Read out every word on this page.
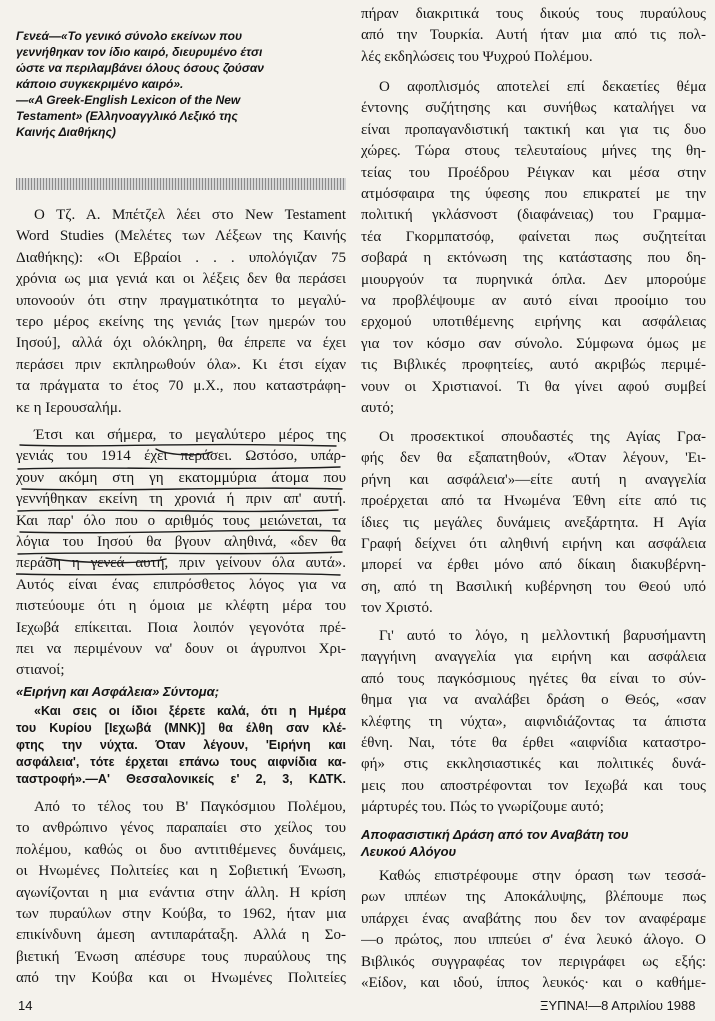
Γενεά—«Το γενικό σύνολο εκείνων που
γεννήθηκαν τον ίδιο καιρό, διευρυμένο έτσι
ώστε να περιλαμβάνει όλους όσους ζούσαν
κάποιο συγκεκριμένο καιρό».
—«A Greek-English Lexicon of the New
Testament» (Ελληνοαγγλικό Λεξικό της
Καινής Διαθήκης)
Ο Τζ. Α. Μπέτζελ λέει στο New Testament
Word Studies (Μελέτες των Λέξεων της Καινής
Διαθήκης): «Οι Εβραίοι . . . υπολόγιζαν 75
χρόνια ως μια γενιά και οι λέξεις δεν θα περάσει
υπονοούν ότι στην πραγματικότητα το μεγαλύ-
τερο μέρος εκείνης της γενιάς [των ημερών του
Ιησού], αλλά όχι ολόκληρη, θα έπρεπε να έχει
περάσει πριν εκπληρωθούν όλα». Κι έτσι είχαν
τα πράγματα το έτος 70 μ.Χ., που καταστράφη-
κε η Ιερουσαλήμ.
Έτσι και σήμερα, το μεγαλύτερο μέρος της
γενιάς του 1914 έχει περάσει. Ωστόσο, υπάρ-
χουν ακόμη στη γη εκατομμύρια άτομα που
γεννήθηκαν εκείνη τη χρονιά ή πριν απ' αυτή.
Και παρ' όλο που ο αριθμός τους μειώνεται, τα
λόγια του Ιησού θα βγουν αληθινά, «δεν θα
περάση η γενεά αυτή, πριν γείνουν όλα αυτά».
Αυτός είναι ένας επιπρόσθετος λόγος για να
πιστεύουμε ότι η όμοια με κλέφτη μέρα του
Ιεχωβά επίκειται. Ποια λοιπόν γεγονότα πρέ-
πει να περιμένουν να' δουν οι άγρυπνοι Χρι-
στιανοί;
«Ειρήνη και Ασφάλεια» Σύντομα;
«Και σεις οι ίδιοι ξέρετε καλά, ότι η Ημέρα
του Κυρίου [Ιεχωβά (ΜΝΚ)] θα έλθη σαν κλέ-
φτης την νύχτα. Όταν λέγουν, 'Ειρήνη και
ασφάλεια', τότε έρχεται επάνω τους αιφνίδια κα-
ταστροφή».—Α' Θεσσαλονικείς ε' 2, 3, ΚΔΤΚ.
Από το τέλος του Β' Παγκόσμιου Πολέμου,
το ανθρώπινο γένος παραπαίει στο χείλος του
πολέμου, καθώς οι δυο αντιτιθέμενες δυνάμεις,
οι Ηνωμένες Πολιτείες και η Σοβιετική Ένωση,
αγωνίζονται η μια ενάντια στην άλλη. Η κρίση
των πυραύλων στην Κούβα, το 1962, ήταν μια
επικίνδυνη άμεση αντιπαράταξη. Αλλά η Σο-
βιετική Ένωση απέσυρε τους πυραύλους της
από την Κούβα και οι Ηνωμένες Πολιτείες
πήραν διακριτικά τους δικούς τους πυραύλους
από την Τουρκία. Αυτή ήταν μια από τις πολ-
λές εκδηλώσεις του Ψυχρού Πολέμου.
Ο αφοπλισμός αποτελεί επί δεκαετίες θέμα
έντονης συζήτησης και συνήθως καταλήγει να
είναι προπαγανδιστική τακτική και για τις δυο
χώρες. Τώρα στους τελευταίους μήνες της θη-
τείας του Προέδρου Ρέιγκαν και μέσα στην
ατμόσφαιρα της ύφεσης που επικρατεί με την
πολιτική γκλάσνοστ (διαφάνειας) του Γραμμα-
τέα Γκορμπατσόφ, φαίνεται πως συζητείται
σοβαρά η εκτόνωση της κατάστασης που δη-
μιουργούν τα πυρηνικά όπλα. Δεν μπορούμε
να προβλέψουμε αν αυτό είναι προοίμιο του
ερχομού υποτιθέμενης ειρήνης και ασφάλειας
για τον κόσμο σαν σύνολο. Σύμφωνα όμως με
τις Βιβλικές προφητείες, αυτό ακριβώς περιμέ-
νουν οι Χριστιανοί. Τι θα γίνει αφού συμβεί
αυτό;
Οι προσεκτικοί σπουδαστές της Αγίας Γρα-
φής δεν θα εξαπατηθούν, «Όταν λέγουν, 'Ει-
ρήνη και ασφάλεια'»—είτε αυτή η αναγγελία
προέρχεται από τα Ηνωμένα Έθνη είτε από τις
ίδιες τις μεγάλες δυνάμεις ανεξάρτητα. Η Αγία
Γραφή δείχνει ότι αληθινή ειρήνη και ασφάλεια
μπορεί να έρθει μόνο από δίκαιη διακυβέρνη-
ση, από τη Βασιλική κυβέρνηση του Θεού υπό
τον Χριστό.
Γι' αυτό το λόγο, η μελλοντική βαρυσήμαντη
παγγήινη αναγγελία για ειρήνη και ασφάλεια
από τους παγκόσμιους ηγέτες θα είναι το σύν-
θημα για να αναλάβει δράση ο Θεός, «σαν
κλέφτης τη νύχτα», αιφνιδιάζοντας τα άπιστα
έθνη. Ναι, τότε θα έρθει «αιφνίδια καταστρο-
φή» στις εκκλησιαστικές και πολιτικές δυνά-
μεις που αποστρέφονται τον Ιεχωβά και τους
μάρτυρές του. Πώς το γνωρίζουμε αυτό;
Αποφασιστική Δράση από τον Αναβάτη του
Λευκού Αλόγου
Καθώς επιστρέφουμε στην όραση των τεσσά-
ρων ιππέων της Αποκάλυψης, βλέπουμε πως
υπάρχει ένας αναβάτης που δεν τον αναφέραμε
—ο πρώτος, που ιππεύει σ' ένα λευκό άλογο. Ο
Βιβλικός συγγραφέας τον περιγράφει ως εξής:
«Είδον, και ιδού, ίππος λευκός· και ο καθήμε-
14	ΞΥΠΝΑ!—8 Απριλίου 1988
